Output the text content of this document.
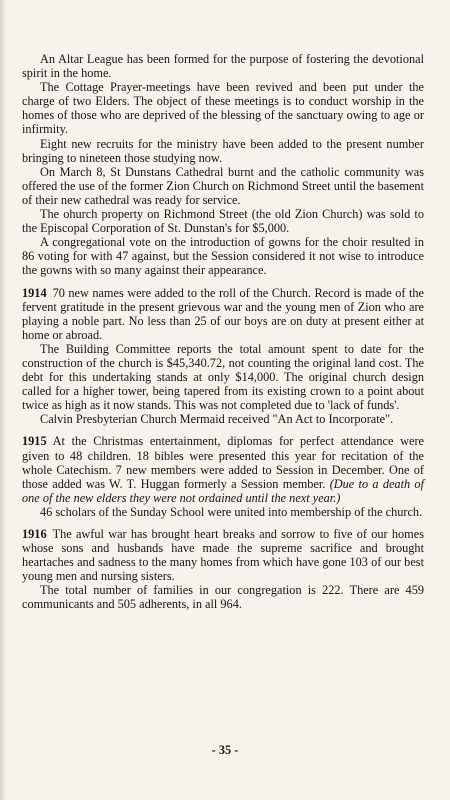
An Altar League has been formed for the purpose of fostering the devotional spirit in the home.

The Cottage Prayer-meetings have been revived and been put under the charge of two Elders. The object of these meetings is to conduct worship in the homes of those who are deprived of the blessing of the sanctuary owing to age or infirmity.

Eight new recruits for the ministry have been added to the present number bringing to nineteen those studying now.

On March 8, St Dunstans Cathedral burnt and the catholic community was offered the use of the former Zion Church on Richmond Street until the basement of their new cathedral was ready for service.

The ohurch property on Richmond Street (the old Zion Church) was sold to the Episcopal Corporation of St. Dunstan's for $5,000.

A congregational vote on the introduction of gowns for the choir resulted in 86 voting for with 47 against, but the Session considered it not wise to introduce the gowns with so many against their appearance.

1914 70 new names were added to the roll of the Church. Record is made of the fervent gratitude in the present grievous war and the young men of Zion who are playing a noble part. No less than 25 of our boys are on duty at present either at home or abroad.

The Building Committee reports the total amount spent to date for the construction of the church is $45,340.72, not counting the original land cost. The debt for this undertaking stands at only $14,000. The original church design called for a higher tower, being tapered from its existing crown to a point about twice as high as it now stands. This was not completed due to 'lack of funds'.

Calvin Presbyterian Church Mermaid received "An Act to Incorporate".

1915 At the Christmas entertainment, diplomas for perfect attendance were given to 48 children. 18 bibles were presented this year for recitation of the whole Catechism. 7 new members were added to Session in December. One of those added was W. T. Huggan formerly a Session member. (Due to a death of one of the new elders they were not ordained until the next year.)

46 scholars of the Sunday School were united into membership of the church.

1916 The awful war has brought heart breaks and sorrow to five of our homes whose sons and husbands have made the supreme sacrifice and brought heartaches and sadness to the many homes from which have gone 103 of our best young men and nursing sisters.

The total number of families in our congregation is 222. There are 459 communicants and 505 adherents, in all 964.

- 35 -
